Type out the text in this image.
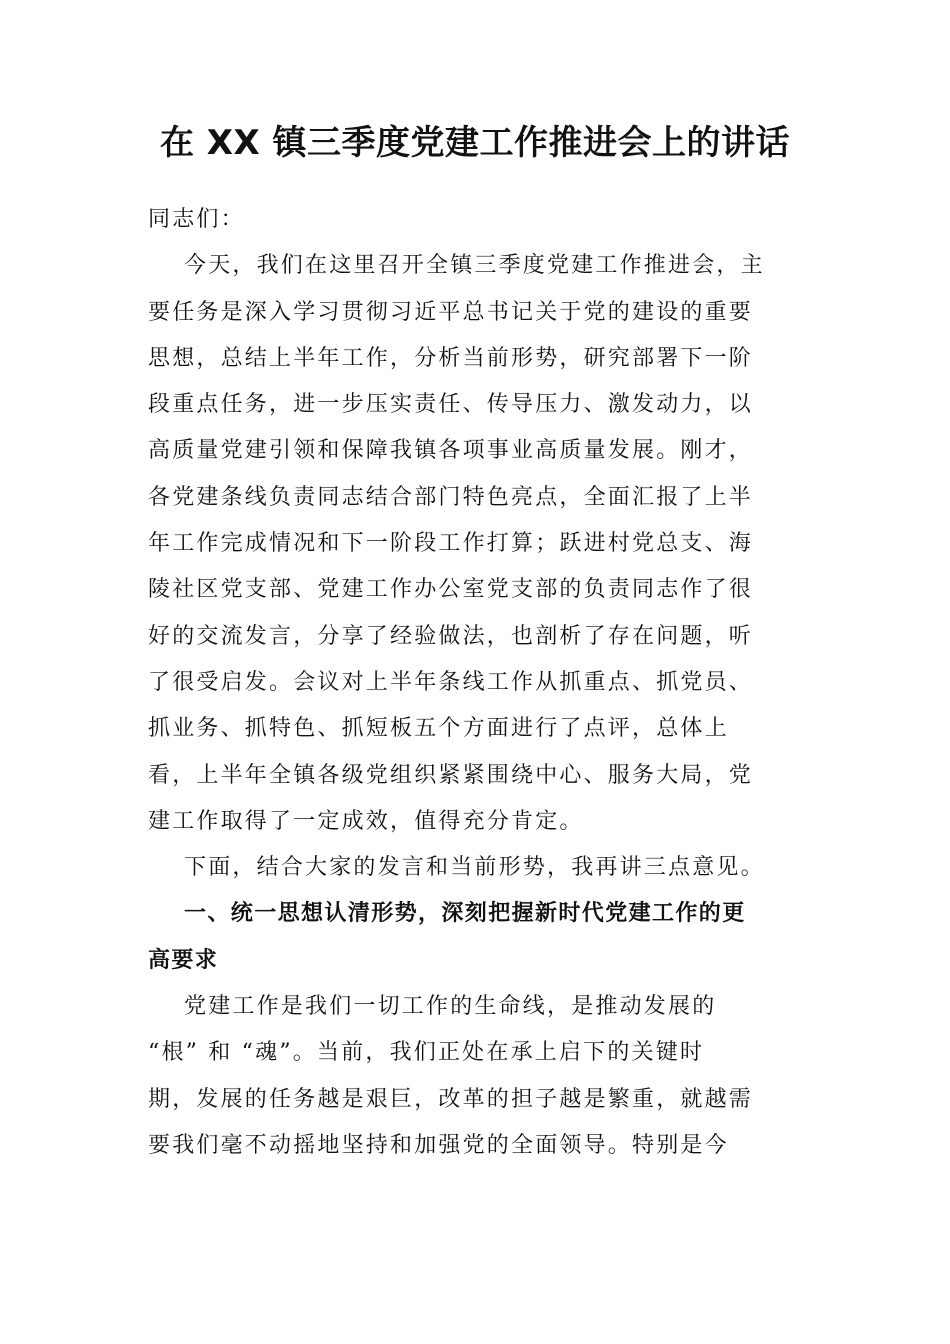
在 XX 镇三季度党建工作推进会上的讲话
同志们：
今天，我们在这里召开全镇三季度党建工作推进会，主
要任务是深入学习贯彻习近平总书记关于党的建设的重要
思想，总结上半年工作，分析当前形势，研究部署下一阶
段重点任务，进一步压实责任、传导压力、激发动力，以
高质量党建引领和保障我镇各项事业高质量发展。刚才，
各党建条线负责同志结合部门特色亮点，全面汇报了上半
年工作完成情况和下一阶段工作打算；跃进村党总支、海
陵社区党支部、党建工作办公室党支部的负责同志作了很
好的交流发言，分享了经验做法，也剖析了存在问题，听
了很受启发。会议对上半年条线工作从抓重点、抓党员、
抓业务、抓特色、抓短板五个方面进行了点评，总体上
看，上半年全镇各级党组织紧紧围绕中心、服务大局，党
建工作取得了一定成效，值得充分肯定。
下面，结合大家的发言和当前形势，我再讲三点意见。
一、统一思想认清形势，深刻把握新时代党建工作的更
高要求
党建工作是我们一切工作的生命线，是推动发展的
“根” 和 “魂”。当前，我们正处在承上启下的关键时
期，发展的任务越是艰巨，改革的担子越是繁重，就越需
要我们毫不动摇地坚持和加强党的全面领导。特别是今
